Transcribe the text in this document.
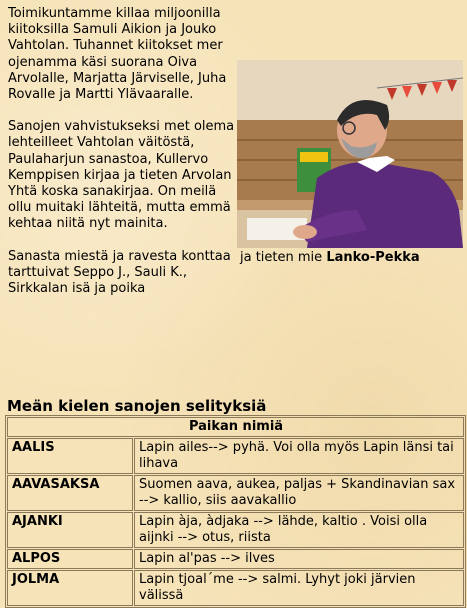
Toimikuntamme killaa miljoonilla kiitoksilla Samuli Aikion ja Jouko Vahtolan. Tuhannet kiitokset mer ojenamma käsi suorana Oiva Arvolalle, Marjatta Järviselle, Juha Rovalle ja Martti Ylävaaralle.

Sanojen vahvistukseksi met olema lehteilleet Vahtolan väitöstä, Paulaharjun sanastoa, Kullervo Kemppisen kirjaa ja tieten Arvolan Yhtä koska sanakirjaa. On meilä ollu muitaki lähteitä, mutta emmä kehtaa niitä nyt mainita.

Sanasta miestä ja ravesta konttaa tarttuivat Seppo J., Sauli K., Sirkkalan isä ja poika

ja tieten mie Lanko-Pekka
Meän kielen sanojen selityksiä
Paikan nimiä	
AALIS	Lapin ailes--> pyhä. Voi olla myös Lapin länsi tai lihava
AAVASAKSA	Suomen aava, aukea, paljas + Skandinavian sax --> kallio, siis aavakallio
AJANKI	Lapin àja, àdjaka --> lähde, kaltio . Voisi olla aijnki --> otus, riista
ALPOS	Lapin al'pas --> ilves
JOLMA	Lapin tjoal´me --> salmi. Lyhyt joki järvien välissä
